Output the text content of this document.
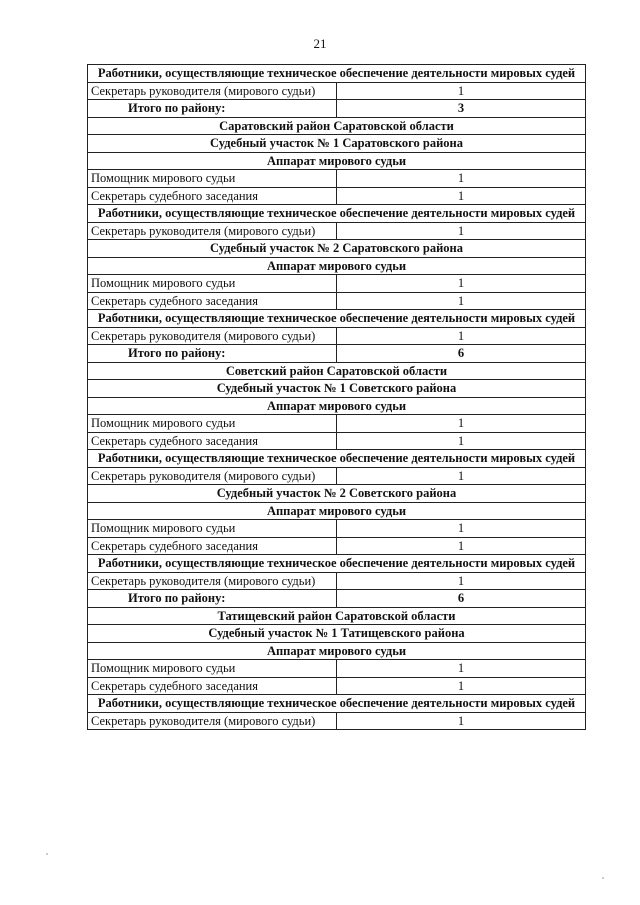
21
Работники, осуществляющие техническое обеспечение деятельности мировых судей	
Секретарь руководителя (мирового судьи)	1
Итого по району:	3
Саратовский район Саратовской области	
Судебный участок № 1 Саратовского района	
Аппарат мирового судьи	
Помощник мирового судьи	1
Секретарь судебного заседания	1
Работники, осуществляющие техническое обеспечение деятельности мировых судей	
Секретарь руководителя (мирового судьи)	1
Судебный участок № 2 Саратовского района	
Аппарат мирового судьи	
Помощник мирового судьи	1
Секретарь судебного заседания	1
Работники, осуществляющие техническое обеспечение деятельности мировых судей	
Секретарь руководителя (мирового судьи)	1
Итого по району:	6
Советский район Саратовской области	
Судебный участок № 1 Советского района	
Аппарат мирового судьи	
Помощник мирового судьи	1
Секретарь судебного заседания	1
Работники, осуществляющие техническое обеспечение деятельности мировых судей	
Секретарь руководителя (мирового судьи)	1
Судебный участок № 2 Советского района	
Аппарат мирового судьи	
Помощник мирового судьи	1
Секретарь судебного заседания	1
Работники, осуществляющие техническое обеспечение деятельности мировых судей	
Секретарь руководителя (мирового судьи)	1
Итого по району:	6
Татищевский район Саратовской области	
Судебный участок № 1 Татищевского района	
Аппарат мирового судьи	
Помощник мирового судьи	1
Секретарь судебного заседания	1
Работники, осуществляющие техническое обеспечение деятельности мировых судей	
Секретарь руководителя (мирового судьи)	1
